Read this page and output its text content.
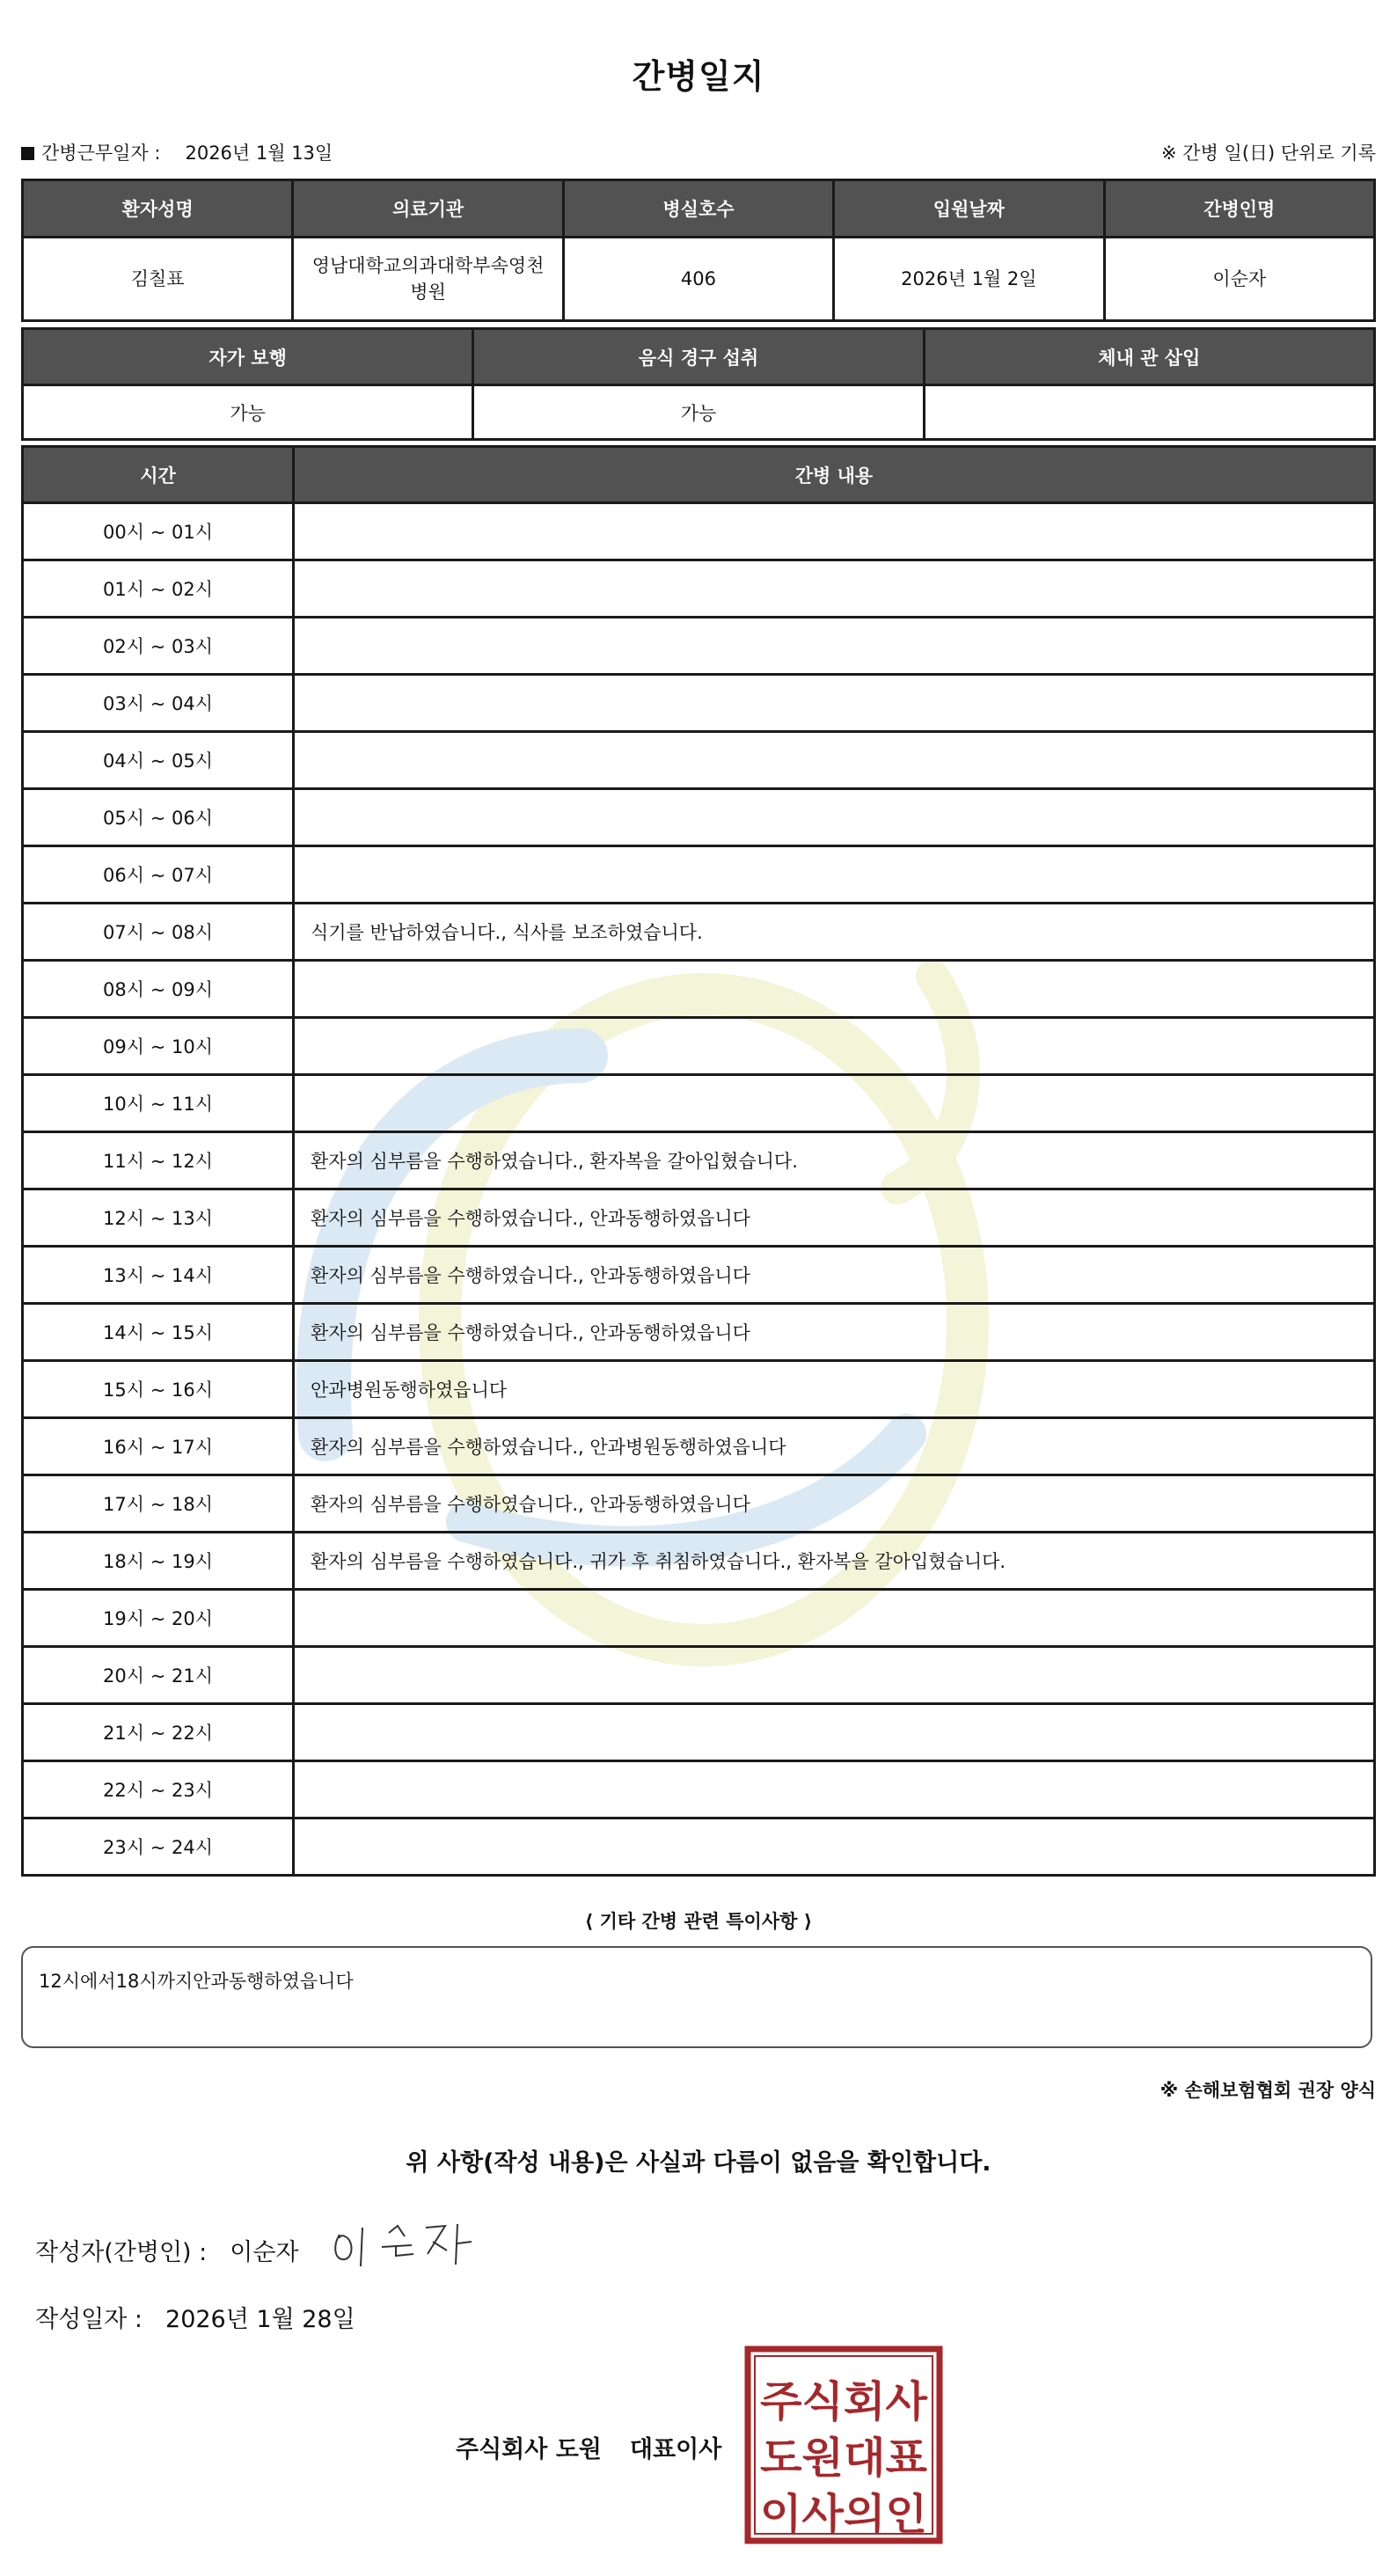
간병일지
간병근무일자 : 2026년 1월 13일	※ 간병 일(日) 단위로 기록
환자성명	의료기관	병실호수	입원날짜	간병인명
김칠표	영남대학교의과대학부속영천병원	406	2026년 1월 2일	이순자
자가 보행	음식 경구 섭취	체내 관 삽입
가능	가능	
시간	간병 내용
00시 ~ 01시	
01시 ~ 02시	
02시 ~ 03시	
03시 ~ 04시	
04시 ~ 05시	
05시 ~ 06시	
06시 ~ 07시	
07시 ~ 08시	식기를 반납하였습니다., 식사를 보조하였습니다.
08시 ~ 09시	
09시 ~ 10시	
10시 ~ 11시	
11시 ~ 12시	환자의 심부름을 수행하였습니다., 환자복을 갈아입혔습니다.
12시 ~ 13시	환자의 심부름을 수행하였습니다., 안과동행하였읍니다
13시 ~ 14시	환자의 심부름을 수행하였습니다., 안과동행하였읍니다
14시 ~ 15시	환자의 심부름을 수행하였습니다., 안과동행하였읍니다
15시 ~ 16시	안과병원동행하였읍니다
16시 ~ 17시	환자의 심부름을 수행하였습니다., 안과병원동행하였읍니다
17시 ~ 18시	환자의 심부름을 수행하였습니다., 안과동행하였읍니다
18시 ~ 19시	환자의 심부름을 수행하였습니다., 귀가 후 취침하였습니다., 환자복을 갈아입혔습니다.
19시 ~ 20시	
20시 ~ 21시	
21시 ~ 22시	
22시 ~ 23시	
23시 ~ 24시	
⟨ 기타 간병 관련 특이사항 ⟩
12시에서18시까지안과동행하였읍니다
※ 손해보험협회 권장 양식
위 사항(작성 내용)은 사실과 다름이 없음을 확인합니다.
작성자(간병인) : 이순자
작성일자 : 2026년 1월 28일
주식회사 도원 대표이사
주식회사
도원대표
이사의인
